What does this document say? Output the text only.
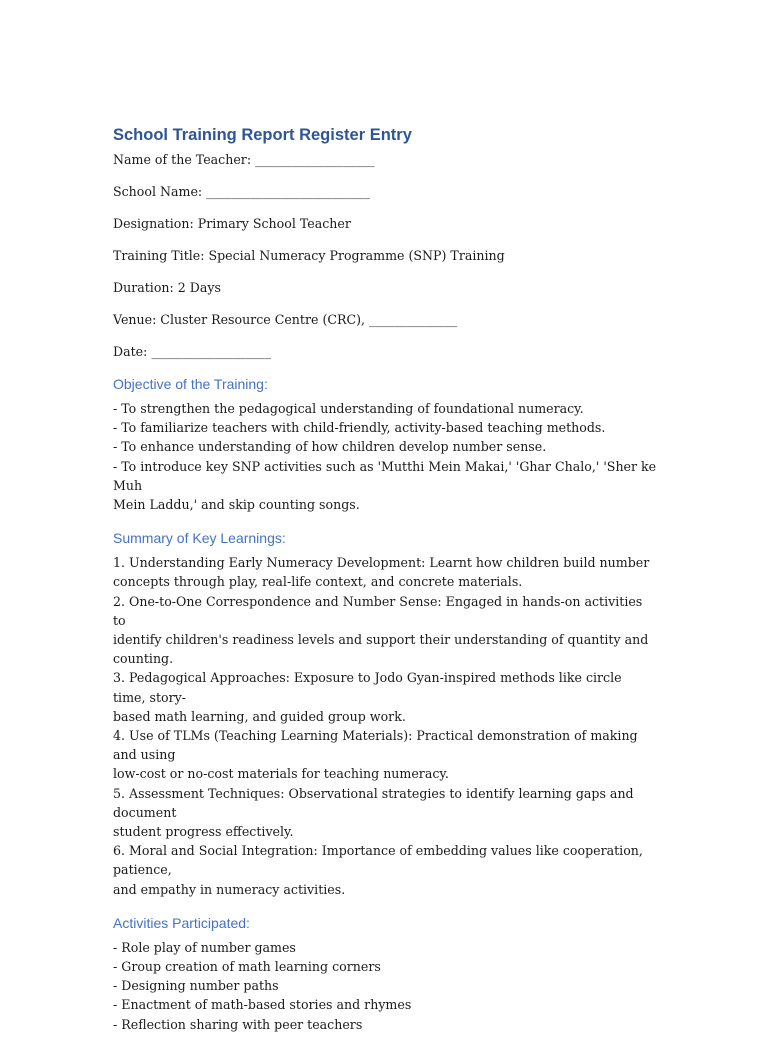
School Training Report Register Entry

Name of the Teacher: ___________________

School Name: __________________________

Designation: Primary School Teacher

Training Title: Special Numeracy Programme (SNP) Training

Duration: 2 Days

Venue: Cluster Resource Centre (CRC), ______________

Date: ___________________

Objective of the Training:

- To strengthen the pedagogical understanding of foundational numeracy.

- To familiarize teachers with child-friendly, activity-based teaching methods.

- To enhance understanding of how children develop number sense.

- To introduce key SNP activities such as 'Mutthi Mein Makai,' 'Ghar Chalo,' 'Sher ke Muh

Mein Laddu,' and skip counting songs.

Summary of Key Learnings:

1. Understanding Early Numeracy Development: Learnt how children build number

concepts through play, real-life context, and concrete materials.

2. One-to-One Correspondence and Number Sense: Engaged in hands-on activities to

identify children's readiness levels and support their understanding of quantity and

counting.

3. Pedagogical Approaches: Exposure to Jodo Gyan-inspired methods like circle time, story-

based math learning, and guided group work.

4. Use of TLMs (Teaching Learning Materials): Practical demonstration of making and using

low-cost or no-cost materials for teaching numeracy.

5. Assessment Techniques: Observational strategies to identify learning gaps and document

student progress effectively.

6. Moral and Social Integration: Importance of embedding values like cooperation, patience,

and empathy in numeracy activities.

Activities Participated:

- Role play of number games

- Group creation of math learning corners

- Designing number paths

- Enactment of math-based stories and rhymes

- Reflection sharing with peer teachers
